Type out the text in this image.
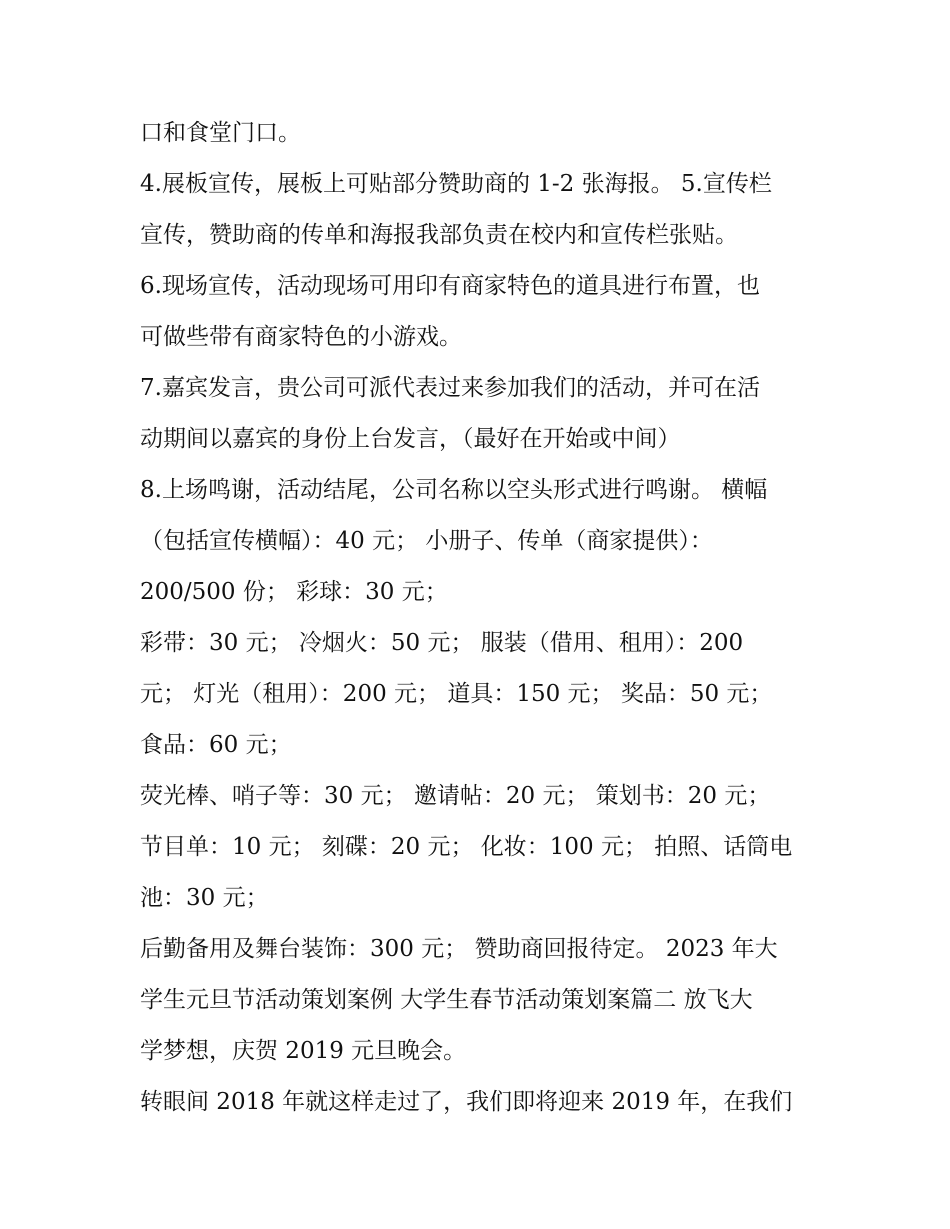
口和食堂门口。
4.展板宣传，展板上可贴部分赞助商的 1-2 张海报。 5.宣传栏
宣传，赞助商的传单和海报我部负责在校内和宣传栏张贴。
6.现场宣传，活动现场可用印有商家特色的道具进行布置，也
可做些带有商家特色的小游戏。
7.嘉宾发言，贵公司可派代表过来参加我们的活动，并可在活
动期间以嘉宾的身份上台发言，（最好在开始或中间）
8.上场鸣谢，活动结尾，公司名称以空头形式进行鸣谢。 横幅
（包括宣传横幅）：40 元； 小册子、传单（商家提供）：
200/500 份； 彩球：30 元；
彩带：30 元； 冷烟火：50 元； 服装（借用、租用）：200
元； 灯光（租用）：200 元； 道具：150 元； 奖品：50 元；
食品：60 元；
荧光棒、哨子等：30 元； 邀请帖：20 元； 策划书：20 元；
节目单：10 元； 刻碟：20 元； 化妆：100 元； 拍照、话筒电
池：30 元；
后勤备用及舞台装饰：300 元； 赞助商回报待定。 2023 年大
学生元旦节活动策划案例 大学生春节活动策划案篇二 放飞大
学梦想，庆贺 2019 元旦晚会。
转眼间 2018 年就这样走过了，我们即将迎来 2019 年，在我们
